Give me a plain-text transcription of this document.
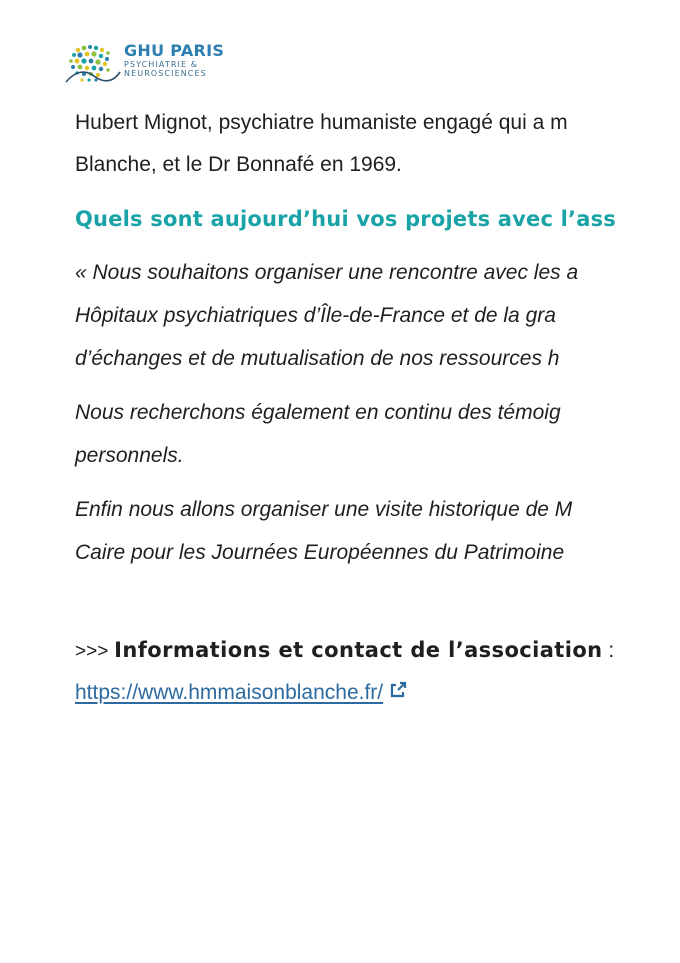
GHU PARIS
PSYCHIATRIE &
NEUROSCIENCES
Hubert Mignot, psychiatre humaniste engagé qui a m
Blanche, et le Dr Bonnafé en 1969.
Quels sont aujourd’hui vos projets avec l’ass
« Nous souhaitons organiser une rencontre avec les a
Hôpitaux psychiatriques d’Île-de-France et de la gra
d’échanges et de mutualisation de nos ressources h
Nous recherchons également en continu des témoig
personnels.
Enfin nous allons organiser une visite historique de M
Caire pour les Journées Européennes du Patrimoine
>>> Informations et contact de l’association :
https://www.hmmaisonblanche.fr/
